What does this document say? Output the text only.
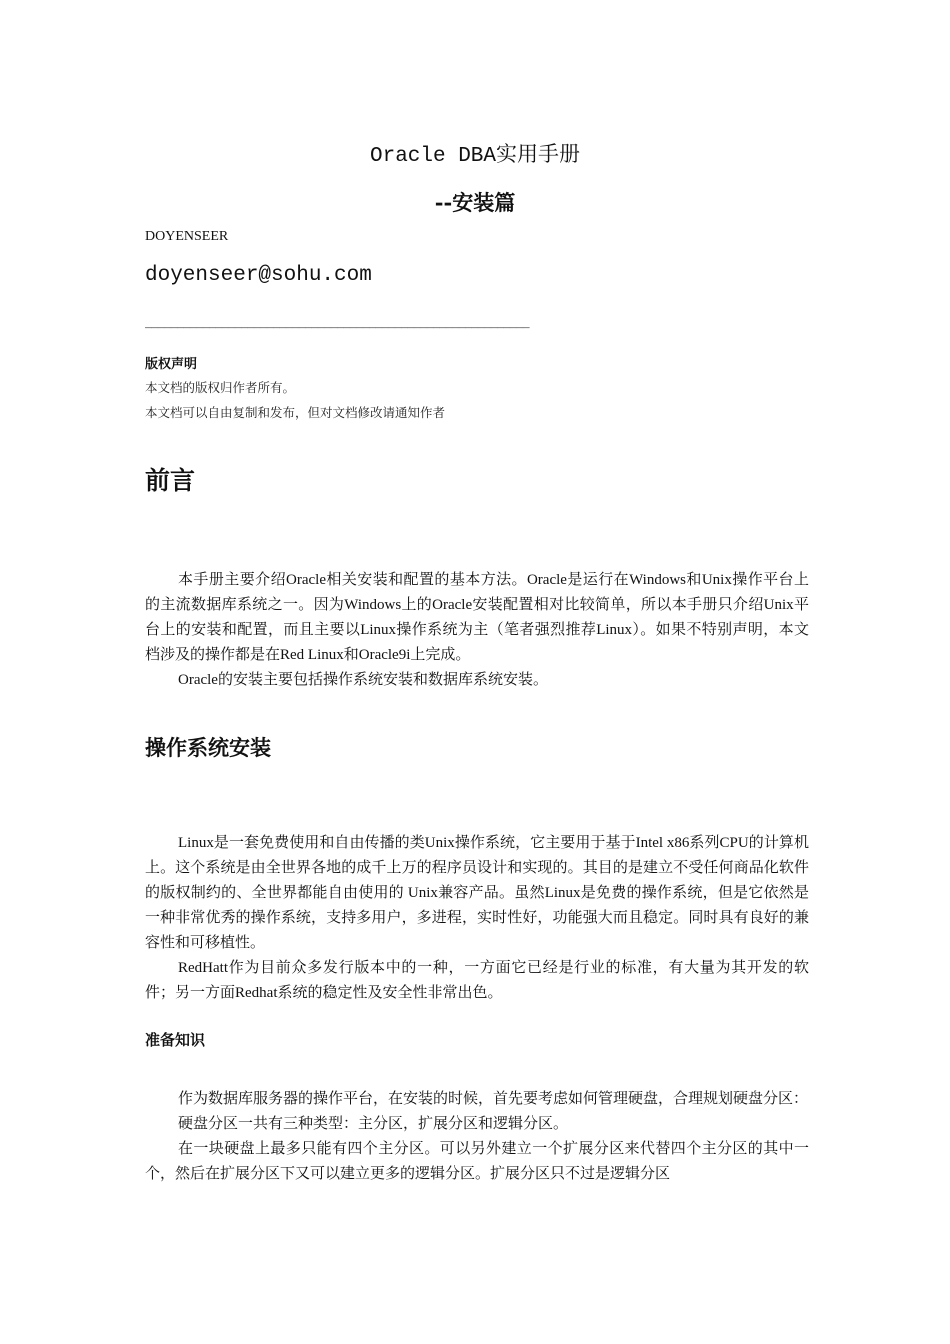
Oracle DBA实用手册
--安装篇
DOYENSEER
doyenseer@sohu.com
____________________________________________________________
版权声明
本文档的版权归作者所有。
本文档可以自由复制和发布，但对文档修改请通知作者
前言

本手册主要介绍Oracle相关安装和配置的基本方法。Oracle是运行在Windows和Unix操作平台上的主流数据库系统之一。因为Windows上的Oracle安装配置相对比较简单，所以本手册只介绍Unix平台上的安装和配置，而且主要以Linux操作系统为主（笔者强烈推荐Linux）。如果不特别声明，本文档涉及的操作都是在Red Linux和Oracle9i上完成。

Oracle的安装主要包括操作系统安装和数据库系统安装。

操作系统安装

Linux是一套免费使用和自由传播的类Unix操作系统，它主要用于基于Intel x86系列CPU的计算机上。这个系统是由全世界各地的成千上万的程序员设计和实现的。其目的是建立不受任何商品化软件的版权制约的、全世界都能自由使用的 Unix兼容产品。虽然Linux是免费的操作系统，但是它依然是一种非常优秀的操作系统，支持多用户，多进程，实时性好，功能强大而且稳定。同时具有良好的兼容性和可移植性。

RedHatt作为目前众多发行版本中的一种，一方面它已经是行业的标准，有大量为其开发的软件；另一方面Redhat系统的稳定性及安全性非常出色。

准备知识

作为数据库服务器的操作平台，在安装的时候，首先要考虑如何管理硬盘，合理规划硬盘分区：

硬盘分区一共有三种类型：主分区，扩展分区和逻辑分区。

在一块硬盘上最多只能有四个主分区。可以另外建立一个扩展分区来代替四个主分区的其中一个，然后在扩展分区下又可以建立更多的逻辑分区。扩展分区只不过是逻辑分区
